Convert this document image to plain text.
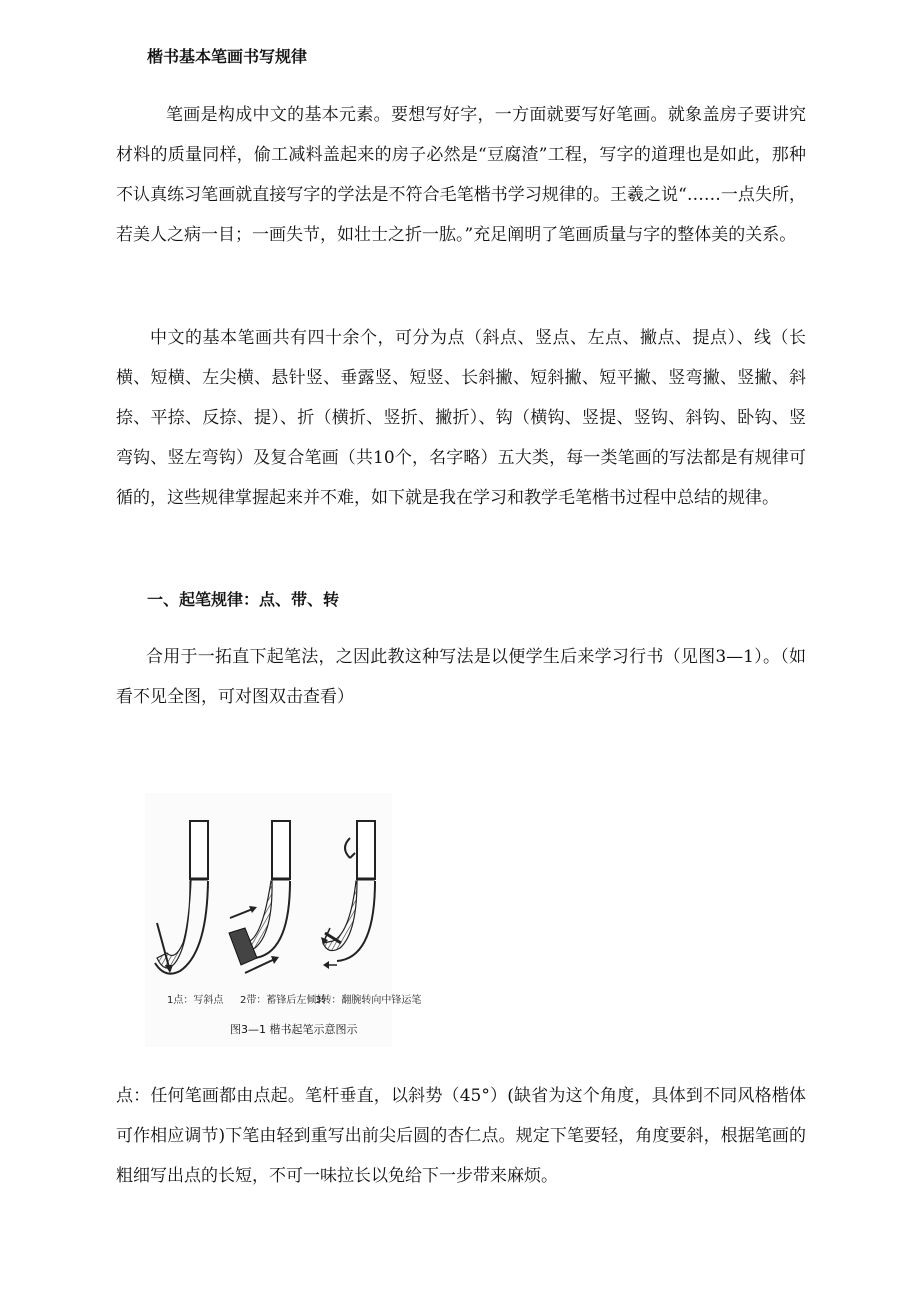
楷书基本笔画书写规律

笔画是构成中文的基本元素。要想写好字，一方面就要写好笔画。就象盖房子要讲究材料的质量同样，偷工减料盖起来的房子必然是“豆腐渣”工程，写字的道理也是如此，那种不认真练习笔画就直接写字的学法是不符合毛笔楷书学习规律的。王羲之说“……一点失所，若美人之病一目；一画失节，如壮士之折一肱。”充足阐明了笔画质量与字的整体美的关系。

中文的基本笔画共有四十余个，可分为点（斜点、竖点、左点、撇点、提点）、线（长横、短横、左尖横、悬针竖、垂露竖、短竖、长斜撇、短斜撇、短平撇、竖弯撇、竖撇、斜捺、平捺、反捺、提）、折（横折、竖折、撇折）、钩（横钩、竖提、竖钩、斜钩、卧钩、竖弯钩、竖左弯钩）及复合笔画（共10个，名字略）五大类，每一类笔画的写法都是有规律可循的，这些规律掌握起来并不难，如下就是我在学习和教学毛笔楷书过程中总结的规律。

一、起笔规律：点、带、转

合用于一拓直下起笔法，之因此教这种写法是以便学生后来学习行书（见图3—1）。（如看不见全图，可对图双击查看）

1点：写斜点 2带：蓄锋后左倾转
3转：翻腕转向中锋运笔
图3—1 楷书起笔示意图示

点：任何笔画都由点起。笔杆垂直，以斜势（45°）(缺省为这个角度，具体到不同风格楷体可作相应调节)下笔由轻到重写出前尖后圆的杏仁点。规定下笔要轻，角度要斜，根据笔画的粗细写出点的长短，不可一味拉长以免给下一步带来麻烦。
